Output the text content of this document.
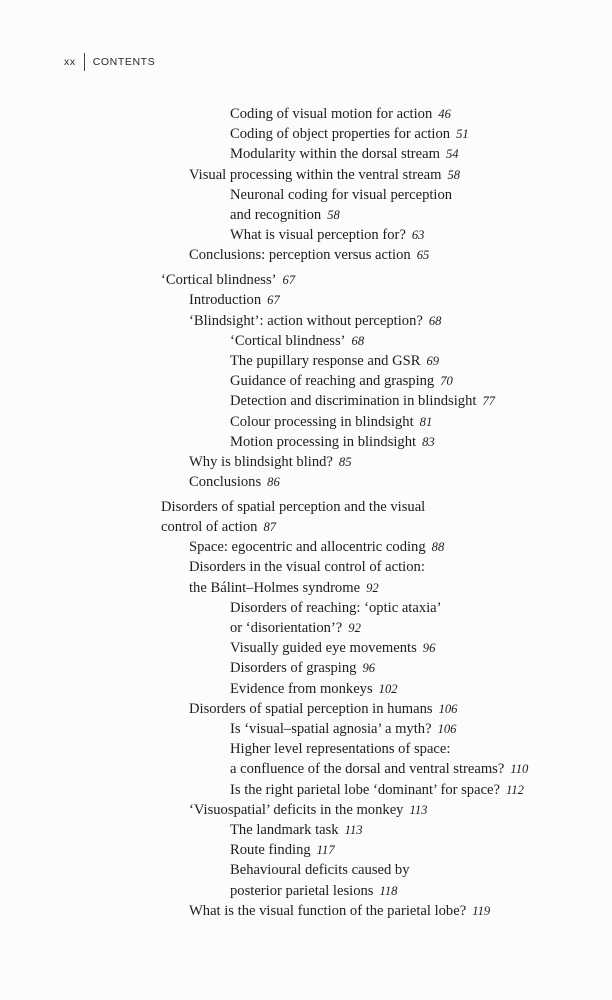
xx CONTENTS
Coding of visual motion for action 46
Coding of object properties for action 51
Modularity within the dorsal stream 54
Visual processing within the ventral stream 58
Neuronal coding for visual perception
and recognition 58
What is visual perception for? 63
Conclusions: perception versus action 65
‘Cortical blindness’ 67
Introduction 67
‘Blindsight’: action without perception? 68
‘Cortical blindness’ 68
The pupillary response and GSR 69
Guidance of reaching and grasping 70
Detection and discrimination in blindsight 77
Colour processing in blindsight 81
Motion processing in blindsight 83
Why is blindsight blind? 85
Conclusions 86
Disorders of spatial perception and the visual
control of action 87
Space: egocentric and allocentric coding 88
Disorders in the visual control of action:
the Bálint–Holmes syndrome 92
Disorders of reaching: ‘optic ataxia’
or ‘disorientation’? 92
Visually guided eye movements 96
Disorders of grasping 96
Evidence from monkeys 102
Disorders of spatial perception in humans 106
Is ‘visual–spatial agnosia’ a myth? 106
Higher level representations of space:
a confluence of the dorsal and ventral streams? 110
Is the right parietal lobe ‘dominant’ for space? 112
‘Visuospatial’ deficits in the monkey 113
The landmark task 113
Route finding 117
Behavioural deficits caused by
posterior parietal lesions 118
What is the visual function of the parietal lobe? 119
